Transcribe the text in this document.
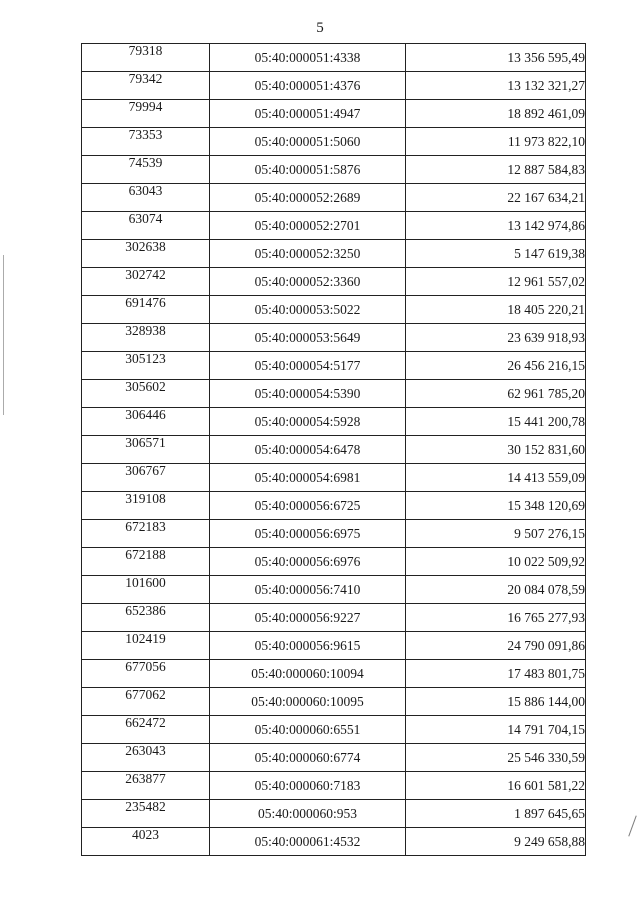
5
79318	05:40:000051:4338	13 356 595,49
79342	05:40:000051:4376	13 132 321,27
79994	05:40:000051:4947	18 892 461,09
73353	05:40:000051:5060	11 973 822,10
74539	05:40:000051:5876	12 887 584,83
63043	05:40:000052:2689	22 167 634,21
63074	05:40:000052:2701	13 142 974,86
302638	05:40:000052:3250	5 147 619,38
302742	05:40:000052:3360	12 961 557,02
691476	05:40:000053:5022	18 405 220,21
328938	05:40:000053:5649	23 639 918,93
305123	05:40:000054:5177	26 456 216,15
305602	05:40:000054:5390	62 961 785,20
306446	05:40:000054:5928	15 441 200,78
306571	05:40:000054:6478	30 152 831,60
306767	05:40:000054:6981	14 413 559,09
319108	05:40:000056:6725	15 348 120,69
672183	05:40:000056:6975	9 507 276,15
672188	05:40:000056:6976	10 022 509,92
101600	05:40:000056:7410	20 084 078,59
652386	05:40:000056:9227	16 765 277,93
102419	05:40:000056:9615	24 790 091,86
677056	05:40:000060:10094	17 483 801,75
677062	05:40:000060:10095	15 886 144,00
662472	05:40:000060:6551	14 791 704,15
263043	05:40:000060:6774	25 546 330,59
263877	05:40:000060:7183	16 601 581,22
235482	05:40:000060:953	1 897 645,65
4023	05:40:000061:4532	9 249 658,88
